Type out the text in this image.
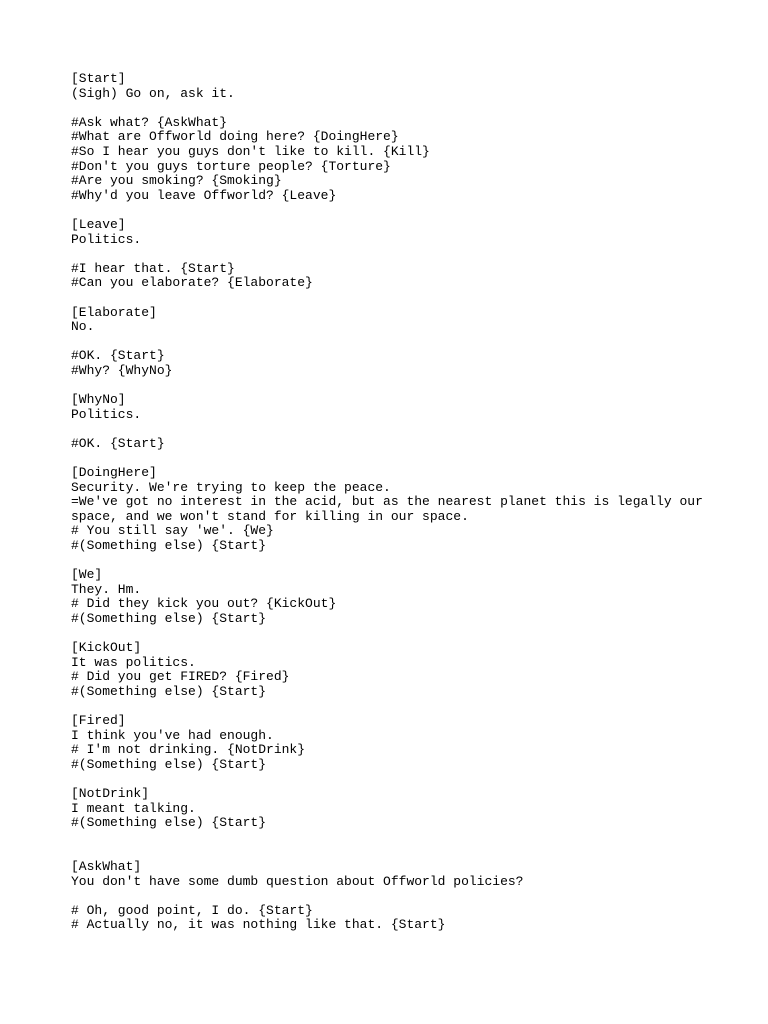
[Start]
(Sigh) Go on, ask it.
#Ask what? {AskWhat}
#What are Offworld doing here? {DoingHere}
#So I hear you guys don't like to kill. {Kill}
#Don't you guys torture people? {Torture}
#Are you smoking? {Smoking}
#Why'd you leave Offworld? {Leave}
[Leave]
Politics.
#I hear that. {Start}
#Can you elaborate? {Elaborate}
[Elaborate]
No.
#OK. {Start}
#Why? {WhyNo}
[WhyNo]
Politics.
#OK. {Start}
[DoingHere]
Security. We're trying to keep the peace.
=We've got no interest in the acid, but as the nearest planet this is legally our
space, and we won't stand for killing in our space.
# You still say 'we'. {We}
#(Something else) {Start}
[We]
They. Hm.
# Did they kick you out? {KickOut}
#(Something else) {Start}
[KickOut]
It was politics.
# Did you get FIRED? {Fired}
#(Something else) {Start}
[Fired]
I think you've had enough.
# I'm not drinking. {NotDrink}
#(Something else) {Start}
[NotDrink]
I meant talking.
#(Something else) {Start}
[AskWhat]
You don't have some dumb question about Offworld policies?
# Oh, good point, I do. {Start}
# Actually no, it was nothing like that. {Start}
